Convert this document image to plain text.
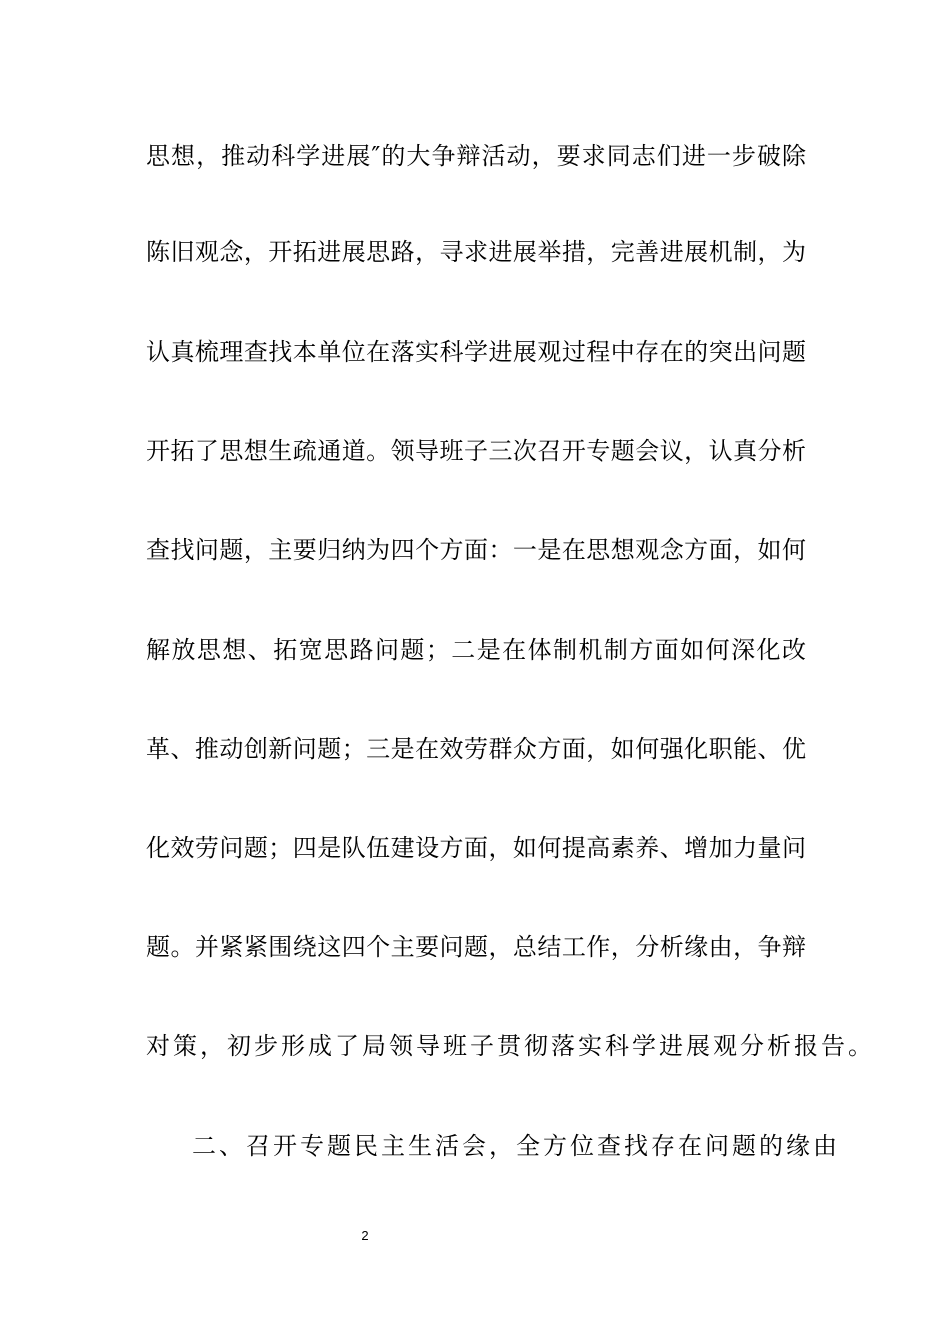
思想，推动科学进展″的大争辩活动，要求同志们进一步破除
陈旧观念，开拓进展思路，寻求进展举措，完善进展机制，为
认真梳理查找本单位在落实科学进展观过程中存在的突出问题
开拓了思想生疏通道。领导班子三次召开专题会议，认真分析
查找问题，主要归纳为四个方面：一是在思想观念方面，如何
解放思想、拓宽思路问题；二是在体制机制方面如何深化改
革、推动创新问题；三是在效劳群众方面，如何强化职能、优
化效劳问题；四是队伍建设方面，如何提高素养、增加力量问
题。并紧紧围绕这四个主要问题，总结工作，分析缘由，争辩
对策，初步形成了局领导班子贯彻落实科学进展观分析报告。
二、召开专题民主生活会，全方位查找存在问题的缘由
2
